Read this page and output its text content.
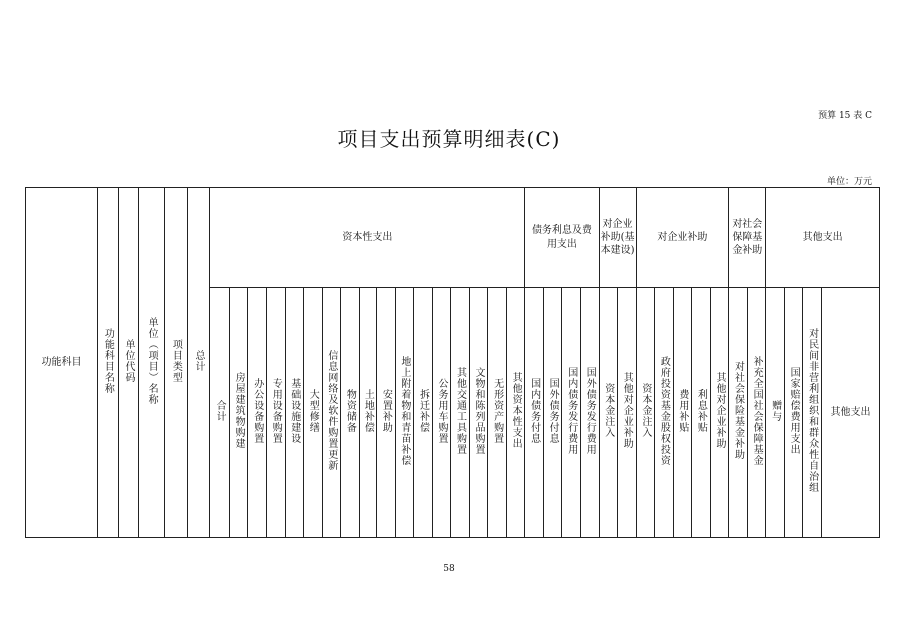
预算 15 表 C
项目支出预算明细表(C)
单位：万元
功能科目	功能科目名称	单位代码	单位（项目）名称	项目类型	总计	资本性支出																	债务利息及费用支出				对企业补助(基本建设)		对企业补助					对社会保障基金补助		其他支出			
						合计	房屋建筑物购建	办公设备购置	专用设备购置	基础设施建设	大型修缮	信息网络及软件购置更新	物资储备	土地补偿	安置补助	地上附着物和青苗补偿	拆迁补偿	公务用车购置	其他交通工具购置	文物和陈列品购置	无形资产购置	其他资本性支出	国内债务付息	国外债务付息	国内债务发行费用	国外债务发行费用	资本金注入	其他对企业补助	资本金注入	政府投资基金股权投资	费用补贴	利息补贴	其他对企业补助	对社会保险基金补助	补充全国社会保障基金	赠与	国家赔偿费用支出	对民间非营利组织和群众性自治组	其他支出
58
